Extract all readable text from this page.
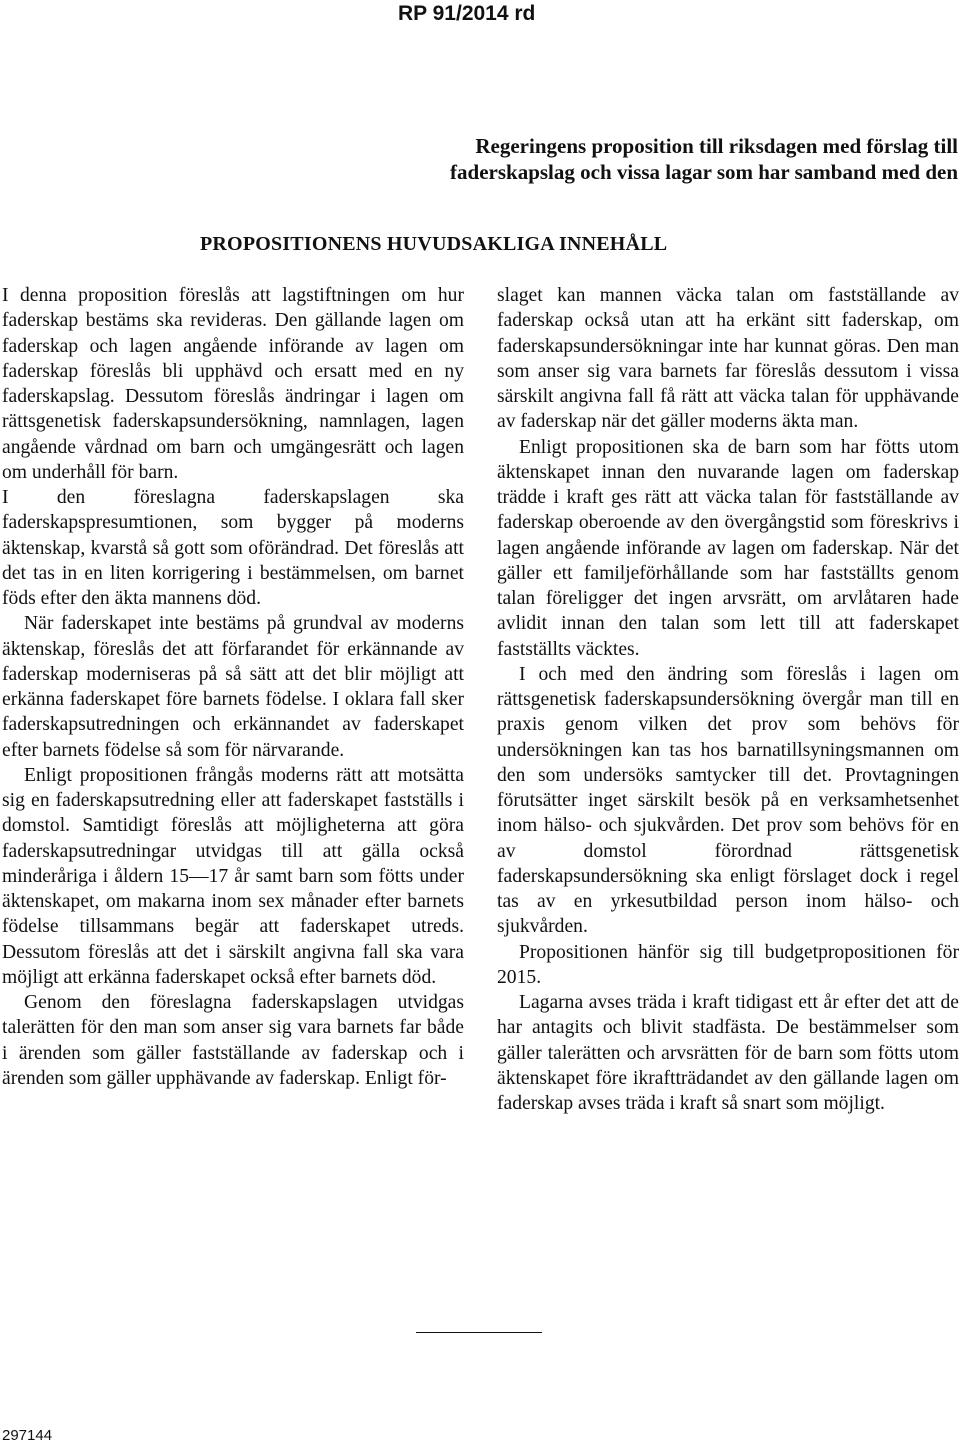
RP 91/2014 rd
Regeringens proposition till riksdagen med förslag till
faderskapslag och vissa lagar som har samband med den
PROPOSITIONENS HUVUDSAKLIGA INNEHÅLL

I denna proposition föreslås att lagstiftningen om hur faderskap bestäms ska revideras. Den gällande lagen om faderskap och lagen angående införande av lagen om faderskap föreslås bli upphävd och ersatt med en ny faderskapslag. Dessutom föreslås ändringar i lagen om rättsgenetisk faderskapsundersökning, namnlagen, lagen angående vårdnad om barn och umgängesrätt och lagen om underhåll för barn.

I den föreslagna faderskapslagen ska faderskapspresumtionen, som bygger på moderns äktenskap, kvarstå så gott som oförändrad. Det föreslås att det tas in en liten korrigering i bestämmelsen, om barnet föds efter den äkta mannens död.

När faderskapet inte bestäms på grundval av moderns äktenskap, föreslås det att förfarandet för erkännande av faderskap moderniseras på så sätt att det blir möjligt att erkänna faderskapet före barnets födelse. I oklara fall sker faderskapsutredningen och erkännandet av faderskapet efter barnets födelse så som för närvarande.

Enligt propositionen frångås moderns rätt att motsätta sig en faderskapsutredning eller att faderskapet fastställs i domstol. Samtidigt föreslås att möjligheterna att göra faderskapsutredningar utvidgas till att gälla också minderåriga i åldern 15—17 år samt barn som fötts under äktenskapet, om makarna inom sex månader efter barnets födelse tillsammans begär att faderskapet utreds. Dessutom föreslås att det i särskilt angivna fall ska vara möjligt att erkänna faderskapet också efter barnets död.

Genom den föreslagna faderskapslagen utvidgas talerätten för den man som anser sig vara barnets far både i ärenden som gäller fastställande av faderskap och i ärenden som gäller upphävande av faderskap. Enligt för-

slaget kan mannen väcka talan om fastställande av faderskap också utan att ha erkänt sitt faderskap, om faderskapsundersökningar inte har kunnat göras. Den man som anser sig vara barnets far föreslås dessutom i vissa särskilt angivna fall få rätt att väcka talan för upphävande av faderskap när det gäller moderns äkta man.

Enligt propositionen ska de barn som har fötts utom äktenskapet innan den nuvarande lagen om faderskap trädde i kraft ges rätt att väcka talan för fastställande av faderskap oberoende av den övergångstid som föreskrivs i lagen angående införande av lagen om faderskap. När det gäller ett familjeförhållande som har fastställts genom talan föreligger det ingen arvsrätt, om arvlåtaren hade avlidit innan den talan som lett till att faderskapet fastställts väcktes.

I och med den ändring som föreslås i lagen om rättsgenetisk faderskapsundersökning övergår man till en praxis genom vilken det prov som behövs för undersökningen kan tas hos barnatillsyningsmannen om den som undersöks samtycker till det. Provtagningen förutsätter inget särskilt besök på en verksamhetsenhet inom hälso- och sjukvården. Det prov som behövs för en av domstol förordnad rättsgenetisk faderskapsundersökning ska enligt förslaget dock i regel tas av en yrkesutbildad person inom hälso- och sjukvården.

Propositionen hänför sig till budgetpropositionen för 2015.

Lagarna avses träda i kraft tidigast ett år efter det att de har antagits och blivit stadfästa. De bestämmelser som gäller talerätten och arvsrätten för de barn som fötts utom äktenskapet före ikraftträdandet av den gällande lagen om faderskap avses träda i kraft så snart som möjligt.

297144
